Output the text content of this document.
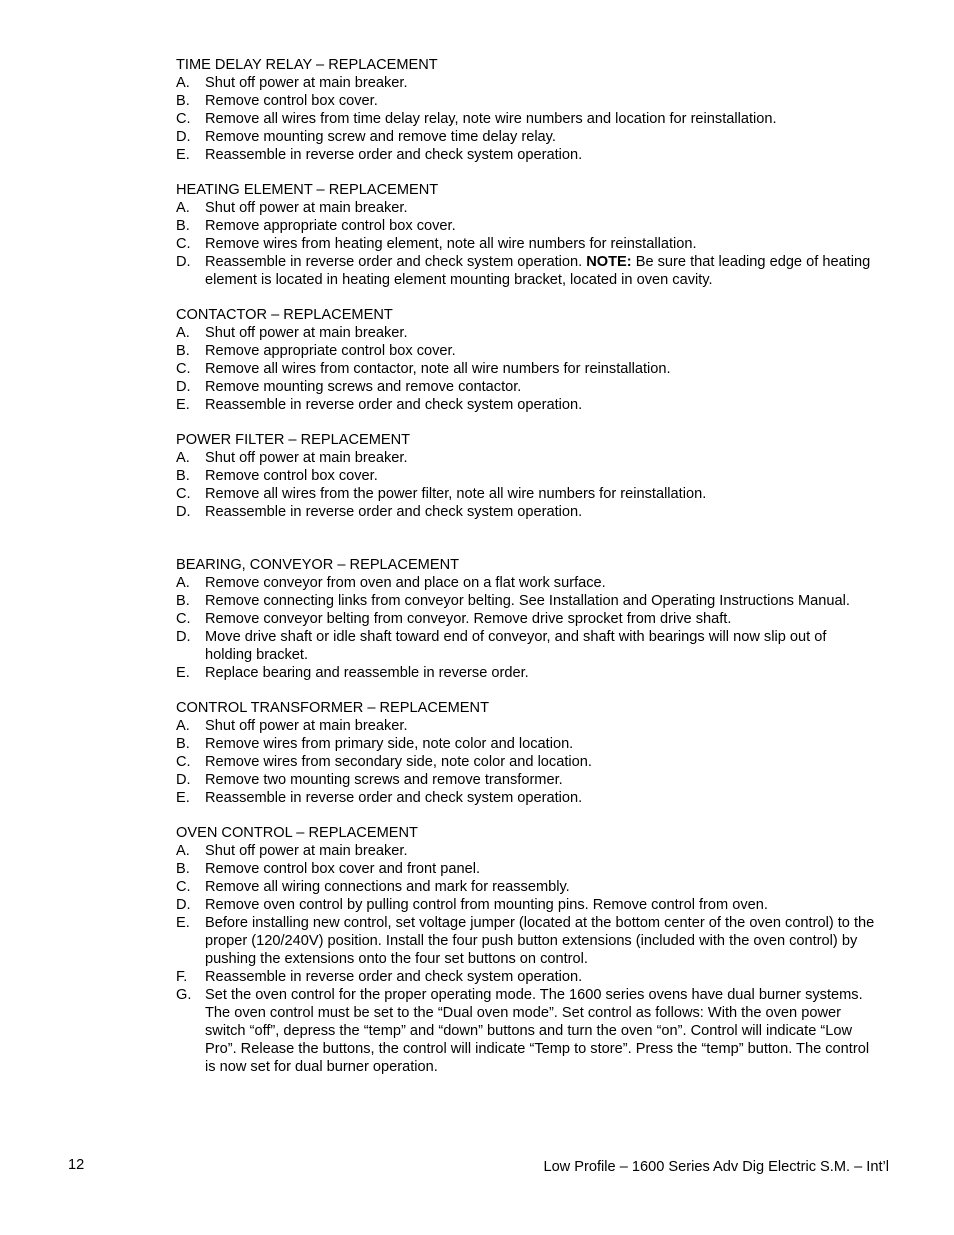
TIME DELAY RELAY – REPLACEMENT
A.	Shut off power at main breaker.
B.	Remove control box cover.
C. Remove all wires from time delay relay, note wire numbers and location for reinstallation.
D. Remove mounting screw and remove time delay relay.
E.	Reassemble in reverse order and check system operation.
HEATING ELEMENT – REPLACEMENT
A.	Shut off power at main breaker.
B.	Remove appropriate control box cover.
C. Remove wires from heating element, note all wire numbers for reinstallation.
D. Reassemble in reverse order and check system operation. NOTE: Be sure that leading edge of heating element is located in heating element mounting bracket, located in oven cavity.
CONTACTOR – REPLACEMENT
A.	Shut off power at main breaker.
B.	Remove appropriate control box cover.
C. Remove all wires from contactor, note all wire numbers for reinstallation.
D. Remove mounting screws and remove contactor.
E.	Reassemble in reverse order and check system operation.
POWER FILTER – REPLACEMENT
A.	Shut off power at main breaker.
B.	Remove control box cover.
C. Remove all wires from the power filter, note all wire numbers for reinstallation.
D. Reassemble in reverse order and check system operation.
BEARING, CONVEYOR – REPLACEMENT
A.	Remove conveyor from oven and place on a flat work surface.
B.	Remove connecting links from conveyor belting. See Installation and Operating Instructions Manual.
C. Remove conveyor belting from conveyor. Remove drive sprocket from drive shaft.
D. Move drive shaft or idle shaft toward end of conveyor, and shaft with bearings will now slip out of holding bracket.
E.	Replace bearing and reassemble in reverse order.
CONTROL TRANSFORMER – REPLACEMENT
A.	Shut off power at main breaker.
B.	Remove wires from primary side, note color and location.
C. Remove wires from secondary side, note color and location.
D. Remove two mounting screws and remove transformer.
E.	Reassemble in reverse order and check system operation.
OVEN CONTROL – REPLACEMENT
A.	Shut off power at main breaker.
B.	Remove control box cover and front panel.
C. Remove all wiring connections and mark for reassembly.
D. Remove oven control by pulling control from mounting pins. Remove control from oven.
E.	Before installing new control, set voltage jumper (located at the bottom center of the oven control) to the proper (120/240V) position. Install the four push button extensions (included with the oven control) by pushing the extensions onto the four set buttons on control.
F.	Reassemble in reverse order and check system operation.
G. Set the oven control for the proper operating mode. The 1600 series ovens have dual burner systems. The oven control must be set to the “Dual oven mode”. Set control as follows: With the oven power switch “off”, depress the “temp” and “down” buttons and turn the oven “on”. Control will indicate “Low Pro”. Release the buttons, the control will indicate “Temp to store”. Press the “temp” button. The control is now set for dual burner operation.
12	Low Profile – 1600 Series Adv Dig Electric S.M. – Int’l
